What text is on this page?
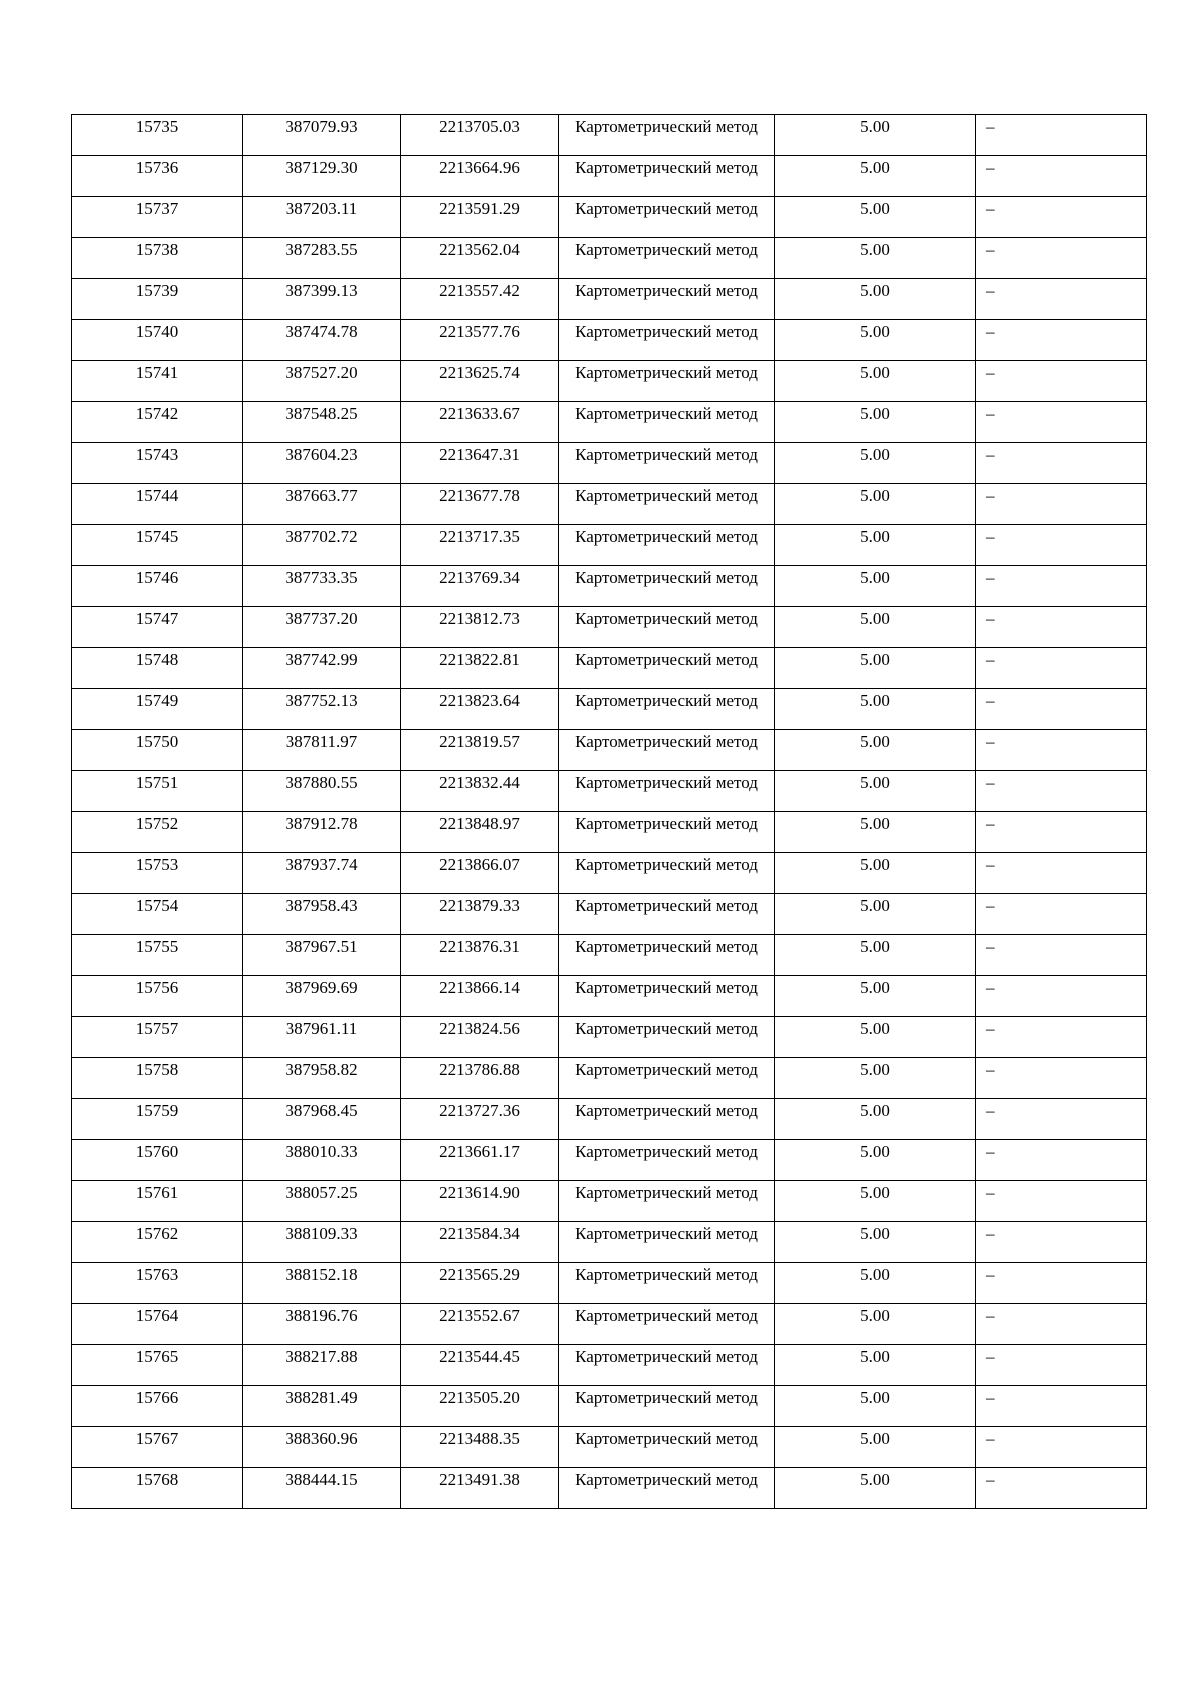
15735	387079.93	2213705.03	Картометрический метод	5.00	–

15736	387129.30	2213664.96	Картометрический метод	5.00	–

15737	387203.11	2213591.29	Картометрический метод	5.00	–

15738	387283.55	2213562.04	Картометрический метод	5.00	–

15739	387399.13	2213557.42	Картометрический метод	5.00	–

15740	387474.78	2213577.76	Картометрический метод	5.00	–

15741	387527.20	2213625.74	Картометрический метод	5.00	–

15742	387548.25	2213633.67	Картометрический метод	5.00	–

15743	387604.23	2213647.31	Картометрический метод	5.00	–

15744	387663.77	2213677.78	Картометрический метод	5.00	–

15745	387702.72	2213717.35	Картометрический метод	5.00	–

15746	387733.35	2213769.34	Картометрический метод	5.00	–

15747	387737.20	2213812.73	Картометрический метод	5.00	–

15748	387742.99	2213822.81	Картометрический метод	5.00	–

15749	387752.13	2213823.64	Картометрический метод	5.00	–

15750	387811.97	2213819.57	Картометрический метод	5.00	–

15751	387880.55	2213832.44	Картометрический метод	5.00	–

15752	387912.78	2213848.97	Картометрический метод	5.00	–

15753	387937.74	2213866.07	Картометрический метод	5.00	–

15754	387958.43	2213879.33	Картометрический метод	5.00	–

15755	387967.51	2213876.31	Картометрический метод	5.00	–

15756	387969.69	2213866.14	Картометрический метод	5.00	–

15757	387961.11	2213824.56	Картометрический метод	5.00	–

15758	387958.82	2213786.88	Картометрический метод	5.00	–

15759	387968.45	2213727.36	Картометрический метод	5.00	–

15760	388010.33	2213661.17	Картометрический метод	5.00	–

15761	388057.25	2213614.90	Картометрический метод	5.00	–

15762	388109.33	2213584.34	Картометрический метод	5.00	–

15763	388152.18	2213565.29	Картометрический метод	5.00	–

15764	388196.76	2213552.67	Картометрический метод	5.00	–

15765	388217.88	2213544.45	Картометрический метод	5.00	–

15766	388281.49	2213505.20	Картометрический метод	5.00	–

15767	388360.96	2213488.35	Картометрический метод	5.00	–

15768	388444.15	2213491.38	Картометрический метод	5.00	–
